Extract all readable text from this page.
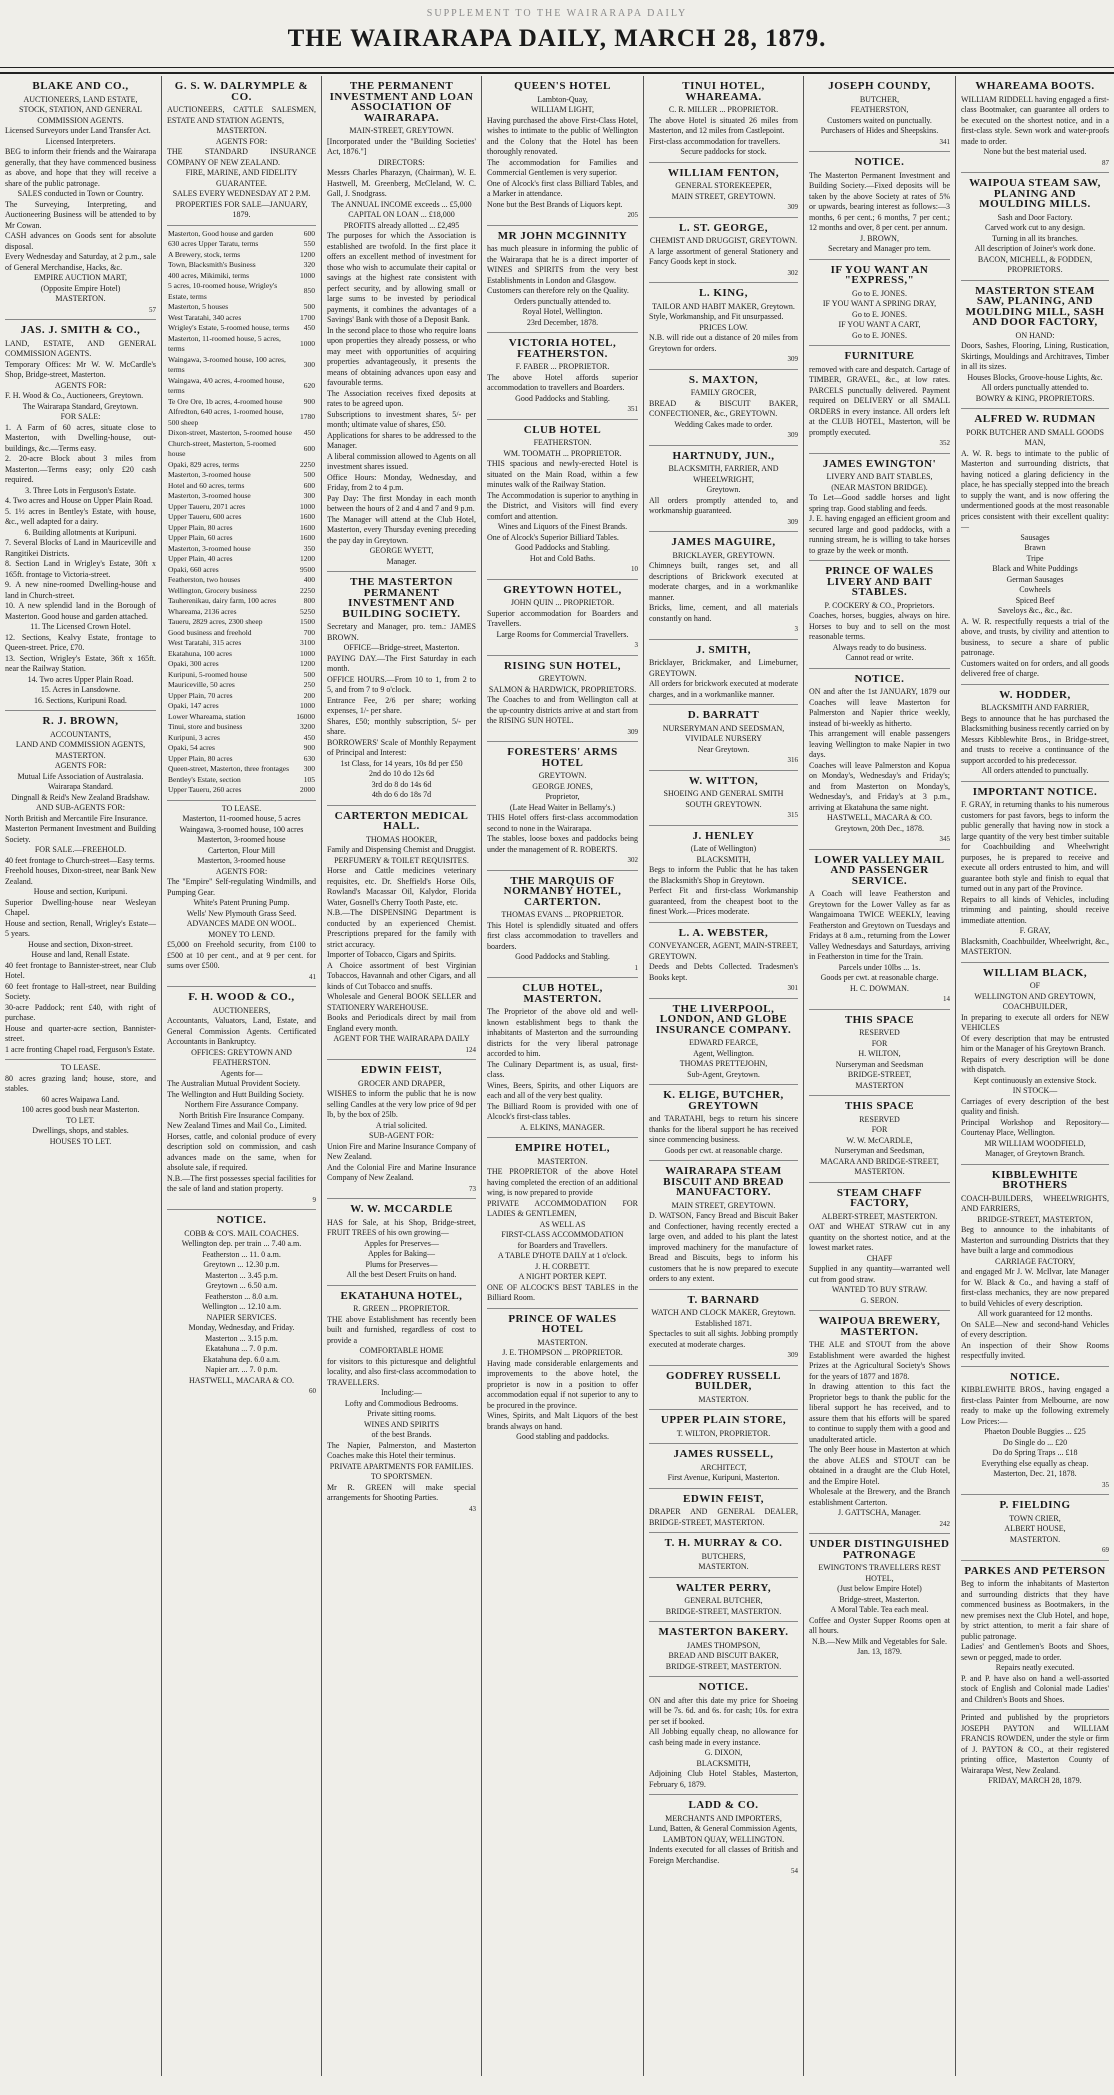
SUPPLEMENT TO THE WAIRARAPA DAILY
THE WAIRARAPA DAILY, MARCH 28, 1879.
BLAKE AND CO.,

AUCTIONEERS, LAND ESTATE,

STOCK, STATION, AND GENERAL

COMMISSION AGENTS.

Licensed Surveyors under Land Transfer Act.

Licensed Interpreters.

BEG to inform their friends and the Wairarapa generally, that they have commenced business as above, and hope that they will receive a share of the public patronage.

SALES conducted in Town or Country.

The Surveying, Interpreting, and Auctioneering Business will be attended to by Mr Cowan.

CASH advances on Goods sent for absolute disposal.

Every Wednesday and Saturday, at 2 p.m., sale of General Merchandise, Hacks, &c.

EMPIRE AUCTION MART,

(Opposite Empire Hotel)

MASTERTON.

57
JAS. J. SMITH & CO.,

LAND, ESTATE, AND GENERAL COMMISSION AGENTS.

Temporary Offices: Mr W. W. McCardle's Shop, Bridge-street, Masterton.

AGENTS FOR:

F. H. Wood & Co., Auctioneers, Greytown.

The Wairarapa Standard, Greytown.

FOR SALE:

1. A Farm of 60 acres, situate close to Masterton, with Dwelling-house, out-buildings, &c.—Terms easy.

2. 20-acre Block about 3 miles from Masterton.—Terms easy; only £20 cash required.

3. Three Lots in Ferguson's Estate.

4. Two acres and House on Upper Plain Road.

5. 1½ acres in Bentley's Estate, with house, &c., well adapted for a dairy.

6. Building allotments at Kuripuni.

7. Several Blocks of Land in Mauriceville and Rangitikei Districts.

8. Section Land in Wrigley's Estate, 30ft x 165ft. frontage to Victoria-street.

9. A new nine-roomed Dwelling-house and land in Church-street.

10. A new splendid land in the Borough of Masterton. Good house and garden attached.

11. The Licensed Crown Hotel.

12. Sections, Kealvy Estate, frontage to Queen-street. Price, £70.

13. Section, Wrigley's Estate, 36ft x 165ft. near the Railway Station.

14. Two acres Upper Plain Road.

15. Acres in Lansdowne.

16. Sections, Kuripuni Road.

R. J. BROWN,

ACCOUNTANTS,

LAND AND COMMISSION AGENTS,

MASTERTON.

AGENTS FOR:

Mutual Life Association of Australasia.

Wairarapa Standard.

Dingnall & Reid's New Zealand Bradshaw.

AND SUB-AGENTS FOR:

North British and Mercantile Fire Insurance.

Masterton Permanent Investment and Building Society.

FOR SALE.—FREEHOLD.

40 feet frontage to Church-street—Easy terms.

Freehold houses, Dixon-street, near Bank New Zealand.

House and section, Kuripuni.

Superior Dwelling-house near Wesleyan Chapel.

House and section, Renall, Wrigley's Estate—5 years.

House and section, Dixon-street.

House and land, Renall Estate.

40 feet frontage to Bannister-street, near Club Hotel.

60 feet frontage to Hall-street, near Building Society.

30-acre Paddock; rent £40, with right of purchase.

House and quarter-acre section, Bannister-street.

1 acre fronting Chapel road, Ferguson's Estate.

TO LEASE.

80 acres grazing land; house, store, and stables.

60 acres Waipawa Land.

100 acres good bush near Masterton.

TO LET.

Dwellings, shops, and stables.

HOUSES TO LET.

G. S. W. DALRYMPLE & CO.

AUCTIONEERS, CATTLE SALESMEN, ESTATE AND STATION AGENTS,

MASTERTON.

AGENTS FOR:

THE STANDARD INSURANCE COMPANY OF NEW ZEALAND.

FIRE, MARINE, AND FIDELITY GUARANTEE.

SALES EVERY WEDNESDAY AT 2 P.M.

PROPERTIES FOR SALE—JANUARY, 1879.

Masterton, Good house and garden	600
630 acres Upper Taratu, terms	550
A Brewery, stock, terms	1200
Town, Blacksmith's Business	320
400 acres, Mikimiki, terms	1000
5 acres, 10-roomed house, Wrigley's Estate, terms	850
Masterton, 5 houses	500
West Taratahi, 340 acres	1700
Wrigley's Estate, 5-roomed house, terms	450
Masterton, 11-roomed house, 5 acres, terms	1000
Waingawa, 3-roomed house, 100 acres, terms	300
Waingawa, 4/0 acres, 4-roomed house, terms	620
Te Ore Ore, 1b acres, 4-roomed house	900
Alfredton, 640 acres, 1-roomed house, 500 sheep	1780
Dixon-street, Masterton, 5-roomed house	450
Church-street, Masterton, 5-roomed house	600
Opaki, 829 acres, terms	2250
Masterton, 3-roomed house	500
Hotel and 60 acres, terms	600
Masterton, 3-roomed house	300
Upper Taueru, 2071 acres	1000
Upper Taueru, 600 acres	1600
Upper Plain, 80 acres	1600
Upper Plain, 60 acres	1600
Masterton, 3-roomed house	350
Upper Plain, 40 acres	1200
Opaki, 660 acres	9500
Featherston, two houses	400
Wellington, Grocery business	2250
Tauherenikau, dairy farm, 100 acres	800
Whareama, 2136 acres	5250
Taueru, 2829 acres, 2300 sheep	1500
Good business and freehold	700
West Taratahi, 315 acres	3100
Ekatahuna, 100 acres	1000
Opaki, 300 acres	1200
Kuripuni, 5-roomed house	500
Mauriceville, 50 acres	250
Upper Plain, 70 acres	200
Opaki, 147 acres	1000
Lower Whareama, station	16000
Tinui, store and business	3200
Kuripuni, 3 acres	450
Opaki, 54 acres	900
Upper Plain, 80 acres	630
Queen-street, Masterton, three frontages	300
Bentley's Estate, section	105
Upper Taueru, 260 acres	2000

TO LEASE.

Masterton, 11-roomed house, 5 acres

Waingawa, 3-roomed house, 100 acres

Masterton, 3-roomed house

Carterton, Flour Mill

Masterton, 3-roomed house

AGENTS FOR:

The "Empire" Self-regulating Windmills, and Pumping Gear.

White's Patent Pruning Pump.

Wells' New Plymouth Grass Seed.

ADVANCES MADE ON WOOL.

MONEY TO LEND.

£5,000 on Freehold security, from £100 to £500 at 10 per cent., and at 9 per cent. for sums over £500.

41
F. H. WOOD & CO.,

AUCTIONEERS,

Accountants, Valuators, Land, Estate, and General Commission Agents. Certificated Accountants in Bankruptcy.

OFFICES: GREYTOWN AND FEATHERSTON.

Agents for—

The Australian Mutual Provident Society.

The Wellington and Hutt Building Society.

Northern Fire Assurance Company.

North British Fire Insurance Company.

New Zealand Times and Mail Co., Limited.

Horses, cattle, and colonial produce of every description sold on commission, and cash advances made on the same, when for absolute sale, if required.

N.B.—The first possesses special facilities for the sale of land and station property.

9
NOTICE.

COBB & CO'S. MAIL COACHES.

Wellington dep. per train ... 7.40 a.m.

Featherston ... 11. 0 a.m.

Greytown ... 12.30 p.m.

Masterton ... 3.45 p.m.

Greytown ... 6.50 a.m.

Featherston ... 8.0 a.m.

Wellington ... 12.10 a.m.

NAPIER SERVICES.

Monday, Wednesday, and Friday.

Masterton ... 3.15 p.m.

Ekatahuna ... 7. 0 p.m.

Ekatahuna dep. 6.0 a.m.

Napier arr. ... 7. 0 p.m.

HASTWELL, MACARA & CO.

60
THE PERMANENT INVESTMENT AND LOAN ASSOCIATION OF WAIRARAPA.

MAIN-STREET, GREYTOWN.

[Incorporated under the "Building Societies' Act, 1876."]

DIRECTORS:

Messrs Charles Pharazyn, (Chairman), W. E. Hastwell, M. Greenberg, McCleland, W. C. Gall, J. Snodgrass.

The ANNUAL INCOME exceeds ... £5,000

CAPITAL ON LOAN ... £18,000

PROFITS already allotted ... £2,495

The purposes for which the Association is established are twofold. In the first place it offers an excellent method of investment for those who wish to accumulate their capital or savings at the highest rate consistent with perfect security, and by allowing small or large sums to be invested by periodical payments, it combines the advantages of a Savings' Bank with those of a Deposit Bank.

In the second place to those who require loans upon properties they already possess, or who may meet with opportunities of acquiring properties advantageously, it presents the means of obtaining advances upon easy and favourable terms.

The Association receives fixed deposits at rates to be agreed upon.

Subscriptions to investment shares, 5/- per month; ultimate value of shares, £50.

Applications for shares to be addressed to the Manager.

A liberal commission allowed to Agents on all investment shares issued.

Office Hours: Monday, Wednesday, and Friday, from 2 to 4 p.m.

Pay Day: The first Monday in each month between the hours of 2 and 4 and 7 and 9 p.m.

The Manager will attend at the Club Hotel, Masterton, every Thursday evening preceding the pay day in Greytown.

GEORGE WYETT,

Manager.

THE MASTERTON PERMANENT INVESTMENT AND BUILDING SOCIETY.

Secretary and Manager, pro. tem.: JAMES BROWN.

OFFICE—Bridge-street, Masterton.

PAYING DAY.—The First Saturday in each month.

OFFICE HOURS.—From 10 to 1, from 2 to 5, and from 7 to 9 o'clock.

Entrance Fee, 2/6 per share; working expenses, 1/- per share.

Shares, £50; monthly subscription, 5/- per share.

BORROWERS' Scale of Monthly Repayment of Principal and Interest:

1st Class, for 14 years, 10s 8d per £50

2nd do 10 do 12s 6d

3rd do 8 do 14s 6d

4th do 6 do 18s 7d

CARTERTON MEDICAL HALL.

THOMAS HOOKER,

Family and Dispensing Chemist and Druggist.

PERFUMERY & TOILET REQUISITES.

Horse and Cattle medicines veterinary requisites, etc. Dr. Sheffield's Horse Oils, Rowland's Macassar Oil, Kalydor, Florida Water, Gosnell's Cherry Tooth Paste, etc.

N.B.—The DISPENSING Department is conducted by an experienced Chemist. Prescriptions prepared for the family with strict accuracy.

Importer of Tobacco, Cigars and Spirits.

A Choice assortment of best Virginian Tobaccos, Havannah and other Cigars, and all kinds of Cut Tobacco and snuffs.

Wholesale and General BOOK SELLER and STATIONERY WAREHOUSE.

Books and Periodicals direct by mail from England every month.

AGENT FOR THE WAIRARAPA DAILY

124
EDWIN FEIST,

GROCER AND DRAPER,

WISHES to inform the public that he is now selling Candles at the very low price of 9d per lb, by the box of 25lb.

A trial solicited.

SUB-AGENT FOR:

Union Fire and Marine Insurance Company of New Zealand.

And the Colonial Fire and Marine Insurance Company of New Zealand.

73
W. W. MCCARDLE

HAS for Sale, at his Shop, Bridge-street, FRUIT TREES of his own growing—

Apples for Preserves—

Apples for Baking—

Plums for Preserves—

All the best Desert Fruits on hand.

EKATAHUNA HOTEL,

R. GREEN ... PROPRIETOR.

THE above Establishment has recently been built and furnished, regardless of cost to provide a

COMFORTABLE HOME

for visitors to this picturesque and delightful locality, and also first-class accommodation to TRAVELLERS.

Including:—

Lofty and Commodious Bedrooms.

Private sitting rooms.

WINES AND SPIRITS

of the best Brands.

The Napier, Palmerston, and Masterton Coaches make this Hotel their terminus.

PRIVATE APARTMENTS FOR FAMILIES.

TO SPORTSMEN.

Mr R. GREEN will make special arrangements for Shooting Parties.

43
QUEEN'S HOTEL

Lambton-Quay,

WILLIAM LIGHT,

Having purchased the above First-Class Hotel, wishes to intimate to the public of Wellington and the Colony that the Hotel has been thoroughly renovated.

The accommodation for Families and Commercial Gentlemen is very superior.

One of Alcock's first class Billiard Tables, and a Marker in attendance.

None but the Best Brands of Liquors kept.

205
MR JOHN MCGINNITY

has much pleasure in informing the public of the Wairarapa that he is a direct importer of WINES and SPIRITS from the very best Establishments in London and Glasgow.

Customers can therefore rely on the Quality.

Orders punctually attended to.

Royal Hotel, Wellington.

23rd December, 1878.

VICTORIA HOTEL, FEATHERSTON.

F. FABER ... PROPRIETOR.

The above Hotel affords superior accommodation to travellers and Boarders.

Good Paddocks and Stabling.

351
CLUB HOTEL

FEATHERSTON.

WM. TOOMATH ... PROPRIETOR.

THIS spacious and newly-erected Hotel is situated on the Main Road, within a few minutes walk of the Railway Station.

The Accommodation is superior to anything in the District, and Visitors will find every comfort and attention.

Wines and Liquors of the Finest Brands.

One of Alcock's Superior Billiard Tables.

Good Paddocks and Stabling.

Hot and Cold Baths.

10
GREYTOWN HOTEL,

JOHN QUIN ... PROPRIETOR.

Superior accommodation for Boarders and Travellers.

Large Rooms for Commercial Travellers.

3
RISING SUN HOTEL,

GREYTOWN.

SALMON & HARDWICK, PROPRIETORS.

The Coaches to and from Wellington call at the up-country districts arrive at and start from the RISING SUN HOTEL.

309
FORESTERS' ARMS HOTEL

GREYTOWN.

GEORGE JONES,

Proprietor,

(Late Head Waiter in Bellamy's.)

THIS Hotel offers first-class accommodation second to none in the Wairarapa.

The stables, loose boxes and paddocks being under the management of R. ROBERTS.

302
THE MARQUIS OF NORMANBY HOTEL, CARTERTON.

THOMAS EVANS ... PROPRIETOR.

This Hotel is splendidly situated and offers first class accommodation to travellers and boarders.

Good Paddocks and Stabling.

1
CLUB HOTEL, MASTERTON.

The Proprietor of the above old and well-known establishment begs to thank the inhabitants of Masterton and the surrounding districts for the very liberal patronage accorded to him.

The Culinary Department is, as usual, first-class.

Wines, Beers, Spirits, and other Liquors are each and all of the very best quality.

The Billiard Room is provided with one of Alcock's first-class tables.

A. ELKINS, MANAGER.

EMPIRE HOTEL,

MASTERTON.

THE PROPRIETOR of the above Hotel having completed the erection of an additional wing, is now prepared to provide

PRIVATE ACCOMMODATION FOR LADIES & GENTLEMEN,

AS WELL AS

FIRST-CLASS ACCOMMODATION

for Boarders and Travellers.

A TABLE D'HOTE DAILY at 1 o'clock.

J. H. CORBETT.

A NIGHT PORTER KEPT.

ONE OF ALCOCK'S BEST TABLES in the Billiard Room.

PRINCE OF WALES HOTEL

MASTERTON.

J. E. THOMPSON ... PROPRIETOR.

Having made considerable enlargements and improvements to the above hotel, the proprietor is now in a position to offer accommodation equal if not superior to any to be procured in the province.

Wines, Spirits, and Malt Liquors of the best brands always on hand.

Good stabling and paddocks.

TINUI HOTEL, WHAREAMA.

C. R. MILLER ... PROPRIETOR.

The above Hotel is situated 26 miles from Masterton, and 12 miles from Castlepoint.

First-class accommodation for travellers.

Secure paddocks for stock.

WILLIAM FENTON,

GENERAL STOREKEEPER,

MAIN STREET, GREYTOWN.

309
L. ST. GEORGE,

CHEMIST AND DRUGGIST, GREYTOWN.

A large assortment of general Stationery and Fancy Goods kept in stock.

302
L. KING,

TAILOR AND HABIT MAKER, Greytown.

Style, Workmanship, and Fit unsurpassed.

PRICES LOW.

N.B. will ride out a distance of 20 miles from Greytown for orders.

309
S. MAXTON,

FAMILY GROCER,

BREAD & BISCUIT BAKER, CONFECTIONER, &c., GREYTOWN.

Wedding Cakes made to order.

309
HARTNUDY, JUN.,

BLACKSMITH, FARRIER, AND WHEELWRIGHT,

Greytown.

All orders promptly attended to, and workmanship guaranteed.

309
JAMES MAGUIRE,

BRICKLAYER, GREYTOWN.

Chimneys built, ranges set, and all descriptions of Brickwork executed at moderate charges, and in a workmanlike manner.

Bricks, lime, cement, and all materials constantly on hand.

3
J. SMITH,

Bricklayer, Brickmaker, and Limeburner, GREYTOWN.

All orders for brickwork executed at moderate charges, and in a workmanlike manner.

D. BARRATT

NURSERYMAN AND SEEDSMAN,

VIVIDALE NURSERY

Near Greytown.

316
W. WITTON,

SHOEING AND GENERAL SMITH

SOUTH GREYTOWN.

315
J. HENLEY

(Late of Wellington)

BLACKSMITH,

Begs to inform the Public that he has taken the Blacksmith's Shop in Greytown.

Perfect Fit and first-class Workmanship guaranteed, from the cheapest boot to the finest Work.—Prices moderate.

L. A. WEBSTER,

CONVEYANCER, AGENT, MAIN-STREET, GREYTOWN.

Deeds and Debts Collected. Tradesmen's Books kept.

301
THE LIVERPOOL, LONDON, AND GLOBE INSURANCE COMPANY.

EDWARD FEARCE,

Agent, Wellington.

THOMAS PRETTEJOHN,

Sub-Agent, Greytown.

K. ELIGE, BUTCHER, GREYTOWN

and TARATAHI, begs to return his sincere thanks for the liberal support he has received since commencing business.

Goods per cwt. at reasonable charge.

WAIRARAPA STEAM BISCUIT AND BREAD MANUFACTORY.

MAIN STREET, GREYTOWN.

D. WATSON, Fancy Bread and Biscuit Baker and Confectioner, having recently erected a large oven, and added to his plant the latest improved machinery for the manufacture of Bread and Biscuits, begs to inform his customers that he is now prepared to execute orders to any extent.

T. BARNARD

WATCH AND CLOCK MAKER, Greytown.

Established 1871.

Spectacles to suit all sights. Jobbing promptly executed at moderate charges.

309
GODFREY RUSSELL BUILDER,

MASTERTON.

UPPER PLAIN STORE,

T. WILTON, PROPRIETOR.

JAMES RUSSELL,

ARCHITECT,

First Avenue, Kuripuni, Masterton.

EDWIN FEIST,

DRAPER AND GENERAL DEALER, BRIDGE-STREET, MASTERTON.

T. H. MURRAY & CO.

BUTCHERS,

MASTERTON.

WALTER PERRY,

GENERAL BUTCHER,

BRIDGE-STREET, MASTERTON.

MASTERTON BAKERY.

JAMES THOMPSON,

BREAD AND BISCUIT BAKER,

BRIDGE-STREET, MASTERTON.

NOTICE.

ON and after this date my price for Shoeing will be 7s. 6d. and 6s. for cash; 10s. for extra per set if booked.

All Jobbing equally cheap, no allowance for cash being made in every instance.

G. DIXON,

BLACKSMITH,

Adjoining Club Hotel Stables, Masterton, February 6, 1879.

LADD & CO.

MERCHANTS AND IMPORTERS,

Lund, Batten, & General Commission Agents,

LAMBTON QUAY, WELLINGTON.

Indents executed for all classes of British and Foreign Merchandise.

54
JOSEPH COUNDY,

BUTCHER,

FEATHERSTON,

Customers waited on punctually.

Purchasers of Hides and Sheepskins.

341
NOTICE.

The Masterton Permanent Investment and Building Society.—Fixed deposits will be taken by the above Society at rates of 5% or upwards, bearing interest as follows:—3 months, 6 per cent.; 6 months, 7 per cent.; 12 months and over, 8 per cent. per annum.

J. BROWN,

Secretary and Manager pro tem.

IF YOU WANT AN "EXPRESS,"

Go to E. JONES.

IF YOU WANT A SPRING DRAY,

Go to E. JONES.

IF YOU WANT A CART,

Go to E. JONES.

FURNITURE

removed with care and despatch. Cartage of TIMBER, GRAVEL, &c., at low rates. PARCELS punctually delivered. Payment required on DELIVERY or all SMALL ORDERS in every instance. All orders left at the CLUB HOTEL, Masterton, will be promptly executed.

352
JAMES EWINGTON'

LIVERY AND BAIT STABLES,

(NEAR MASTON BRIDGE).

To Let—Good saddle horses and light spring trap. Good stabling and feeds.

J. E. having engaged an efficient groom and secured large and good paddocks, with a running stream, he is willing to take horses to graze by the week or month.

PRINCE OF WALES LIVERY AND BAIT STABLES.

P. COCKERY & CO., Proprietors.

Coaches, horses, buggies, always on hire. Horses to buy and to sell on the most reasonable terms.

Always ready to do business.

Cannot read or write.

NOTICE.

ON and after the 1st JANUARY, 1879 our Coaches will leave Masterton for Palmerston and Napier thrice weekly, instead of bi-weekly as hitherto.

This arrangement will enable passengers leaving Wellington to make Napier in two days.

Coaches will leave Palmerston and Kopua on Monday's, Wednesday's and Friday's; and from Masterton on Monday's, Wednesday's, and Friday's at 3 p.m., arriving at Ekatahuna the same night.

HASTWELL, MACARA & CO.

Greytown, 20th Dec., 1878.

345
LOWER VALLEY MAIL AND PASSENGER SERVICE.

A Coach will leave Featherston and Greytown for the Lower Valley as far as Wangaimoana TWICE WEEKLY, leaving Featherston and Greytown on Tuesdays and Fridays at 8 a.m., returning from the Lower Valley Wednesdays and Saturdays, arriving in Featherston in time for the Train.

Parcels under 10lbs ... 1s.

Goods per cwt. at reasonable charge.

H. C. DOWMAN.

14
THIS SPACE

RESERVED

FOR

H. WILTON,

Nurseryman and Seedsman

BRIDGE-STREET,

MASTERTON

THIS SPACE

RESERVED

FOR

W. W. McCARDLE,

Nurseryman and Seedsman,

MACARA AND BRIDGE-STREET,

MASTERTON.

STEAM CHAFF FACTORY,

ALBERT-STREET, MASTERTON.

OAT and WHEAT STRAW cut in any quantity on the shortest notice, and at the lowest market rates.

CHAFF

Supplied in any quantity—warranted well cut from good straw.

WANTED TO BUY STRAW.

G. SERON.

WAIPOUA BREWERY, MASTERTON.

THE ALE and STOUT from the above Establishment were awarded the highest Prizes at the Agricultural Society's Shows for the years of 1877 and 1878.

In drawing attention to this fact the Proprietor begs to thank the public for the liberal support he has received, and to assure them that his efforts will be spared to continue to supply them with a good and unadulterated article.

The only Beer house in Masterton at which the above ALES and STOUT can be obtained in a draught are the Club Hotel, and the Empire Hotel.

Wholesale at the Brewery, and the Branch establishment Carterton.

J. GATTSCHA, Manager.

242
UNDER DISTINGUISHED PATRONAGE

EWINGTON'S TRAVELLERS REST HOTEL,

(Just below Empire Hotel)

Bridge-street, Masterton.

A Moral Table. Tea each meal.

Coffee and Oyster Supper Rooms open at all hours.

N.B.—New Milk and Vegetables for Sale.

Jan. 13, 1879.

WHAREAMA BOOTS.

WILLIAM RIDDELL having engaged a first-class Bootmaker, can guarantee all orders to be executed on the shortest notice, and in a first-class style. Sewn work and water-proofs made to order.

None but the best material used.

87
WAIPOUA STEAM SAW, PLANING AND MOULDING MILLS.

Sash and Door Factory.

Carved work cut to any design.

Turning in all its branches.

All description of Joiner's work done.

BACON, MICHELL, & FODDEN, PROPRIETORS.

MASTERTON STEAM SAW, PLANING, AND MOULDING MILL, SASH AND DOOR FACTORY,

ON HAND:

Doors, Sashes, Flooring, Lining, Rustication, Skirtings, Mouldings and Architraves, Timber in all its sizes.

Houses Blocks, Groove-house Lights, &c.

All orders punctually attended to.

BOWRY & KING, PROPRIETORS.

ALFRED W. RUDMAN

PORK BUTCHER AND SMALL GOODS MAN,

A. W. R. begs to intimate to the public of Masterton and surrounding districts, that having noticed a glaring deficiency in the place, he has specially stepped into the breach to supply the want, and is now offering the undermentioned goods at the most reasonable prices consistent with their excellent quality:—

Sausages

Brawn

Tripe

Black and White Puddings

German Sausages

Cowheels

Spiced Beef

Saveloys &c., &c., &c.

A. W. R. respectfully requests a trial of the above, and trusts, by civility and attention to business, to secure a share of public patronage.

Customers waited on for orders, and all goods delivered free of charge.

W. HODDER,

BLACKSMITH AND FARRIER,

Begs to announce that he has purchased the Blacksmithing business recently carried on by Messrs Kibblewhite Bros., in Bridge-street, and trusts to receive a continuance of the support accorded to his predecessor.

All orders attended to punctually.

IMPORTANT NOTICE.

F. GRAY, in returning thanks to his numerous customers for past favors, begs to inform the public generally that having now in stock a large quantity of the very best timber suitable for Coachbuilding and Wheelwright purposes, he is prepared to receive and execute all orders entrusted to him, and will guarantee both style and finish to equal that turned out in any part of the Province.

Repairs to all kinds of Vehicles, including trimming and painting, should receive immediate attention.

F. GRAY,

Blacksmith, Coachbuilder, Wheelwright, &c., MASTERTON.

WILLIAM BLACK,

OF

WELLINGTON AND GREYTOWN,

COACHBUILDER,

In preparing to execute all orders for NEW VEHICLES

Of every description that may be entrusted him or the Manager of his Greytown Branch.

Repairs of every description will be done with dispatch.

Kept continuously an extensive Stock.

IN STOCK—

Carriages of every description of the best quality and finish.

Principal Workshop and Repository— Courtenay Place, Wellington.

MR WILLIAM WOODFIELD,

Manager, of Greytown Branch.

KIBBLEWHITE BROTHERS

COACH-BUILDERS, WHEELWRIGHTS, AND FARRIERS,

BRIDGE-STREET, MASTERTON,

Beg to announce to the inhabitants of Masterton and surrounding Districts that they have built a large and commodious

CARRIAGE FACTORY,

and engaged Mr J. W. McIlvar, late Manager for W. Black & Co., and having a staff of first-class mechanics, they are now prepared to build Vehicles of every description.

All work guaranteed for 12 months.

On SALE—New and second-hand Vehicles of every description.

An inspection of their Show Rooms respectfully invited.

NOTICE.

KIBBLEWHITE BROS., having engaged a first-class Painter from Melbourne, are now ready to make up the following extremely Low Prices:—

Phaeton Double Buggies ... £25

Do Single do ... £20

Do do Spring Traps ... £18

Everything else equally as cheap.

Masterton, Dec. 21, 1878.

35
P. FIELDING

TOWN CRIER,

ALBERT HOUSE,

MASTERTON.

69
PARKES AND PETERSON

Beg to inform the inhabitants of Masterton and surrounding districts that they have commenced business as Bootmakers, in the new premises next the Club Hotel, and hope, by strict attention, to merit a fair share of public patronage.

Ladies' and Gentlemen's Boots and Shoes, sewn or pegged, made to order.

Repairs neatly executed.

P. and P. have also on hand a well-assorted stock of English and Colonial made Ladies' and Children's Boots and Shoes.

Printed and published by the proprietors JOSEPH PAYTON and WILLIAM FRANCIS ROWDEN, under the style or firm of J. PAYTON & CO., at their registered printing office, Masterton County of Wairarapa West, New Zealand.

FRIDAY, MARCH 28, 1879.
